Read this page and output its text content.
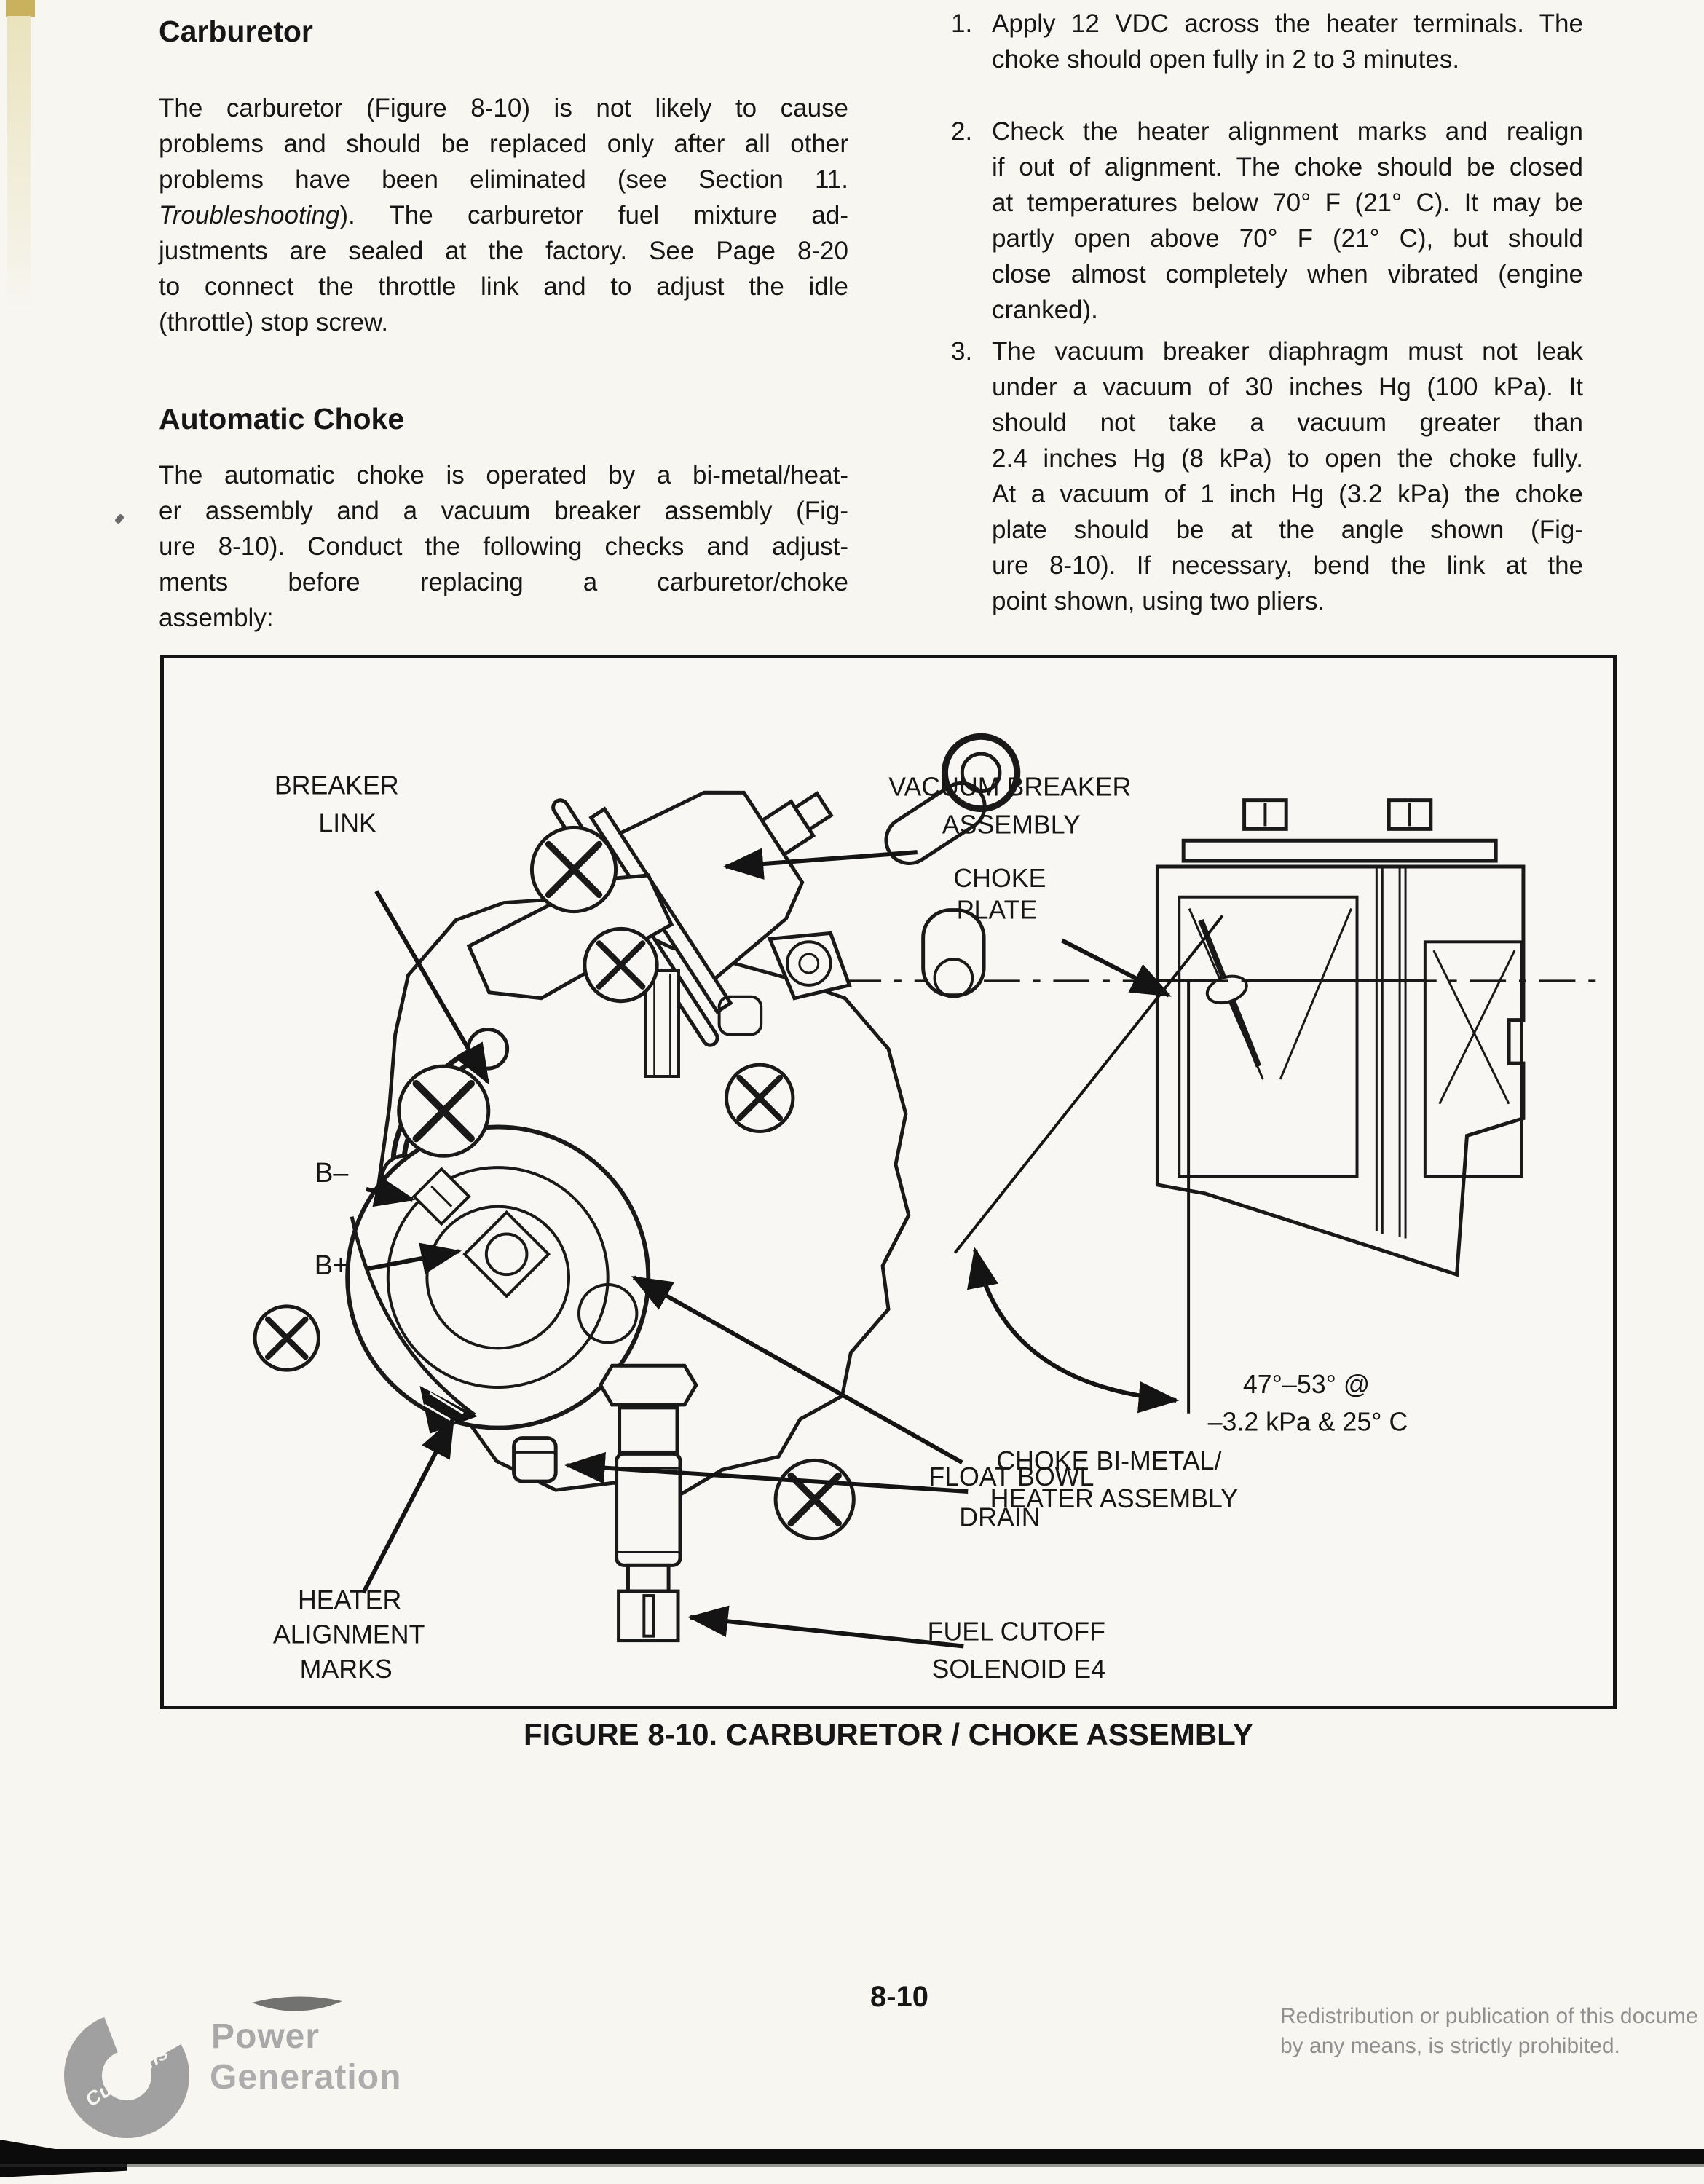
Carburetor
The carburetor (Figure 8-10) is not likely to cause
problems and should be replaced only after all other
problems have been eliminated (see Section 11.
Troubleshooting). The carburetor fuel mixture ad-
justments are sealed at the factory. See Page 8-20
to connect the throttle link and to adjust the idle
(throttle) stop screw.
Automatic Choke
The automatic choke is operated by a bi-metal/heat-
er assembly and a vacuum breaker assembly (Fig-
ure 8-10). Conduct the following checks and adjust-
ments before replacing a carburetor/choke
assembly:
1. Apply 12 VDC across the heater terminals. The
choke should open fully in 2 to 3 minutes.
2. Check the heater alignment marks and realign
if out of alignment. The choke should be closed
at temperatures below 70° F (21° C). It may be
partly open above 70° F (21° C), but should
close almost completely when vibrated (engine
cranked).
3. The vacuum breaker diaphragm must not leak
under a vacuum of 30 inches Hg (100 kPa). It
should not take a vacuum greater than
2.4 inches Hg (8 kPa) to open the choke fully.
At a vacuum of 1 inch Hg (3.2 kPa) the choke
plate should be at the angle shown (Fig-
ure 8-10). If necessary, bend the link at the
point shown, using two pliers.
BREAKER
LINK
VACUUM BREAKER
ASSEMBLY
CHOKE
PLATE
B–
B+
47°–53° @
–3.2 kPa & 25° C
CHOKE BI-METAL/
HEATER ASSEMBLY
FLOAT BOWL
DRAIN
HEATER
ALIGNMENT
MARKS
FUEL CUTOFF
SOLENOID E4
FIGURE 8-10. CARBURETOR / CHOKE ASSEMBLY
8-10
Cummins
Power
Generation
Redistribution or publication of this docume
by any means, is strictly prohibited.
